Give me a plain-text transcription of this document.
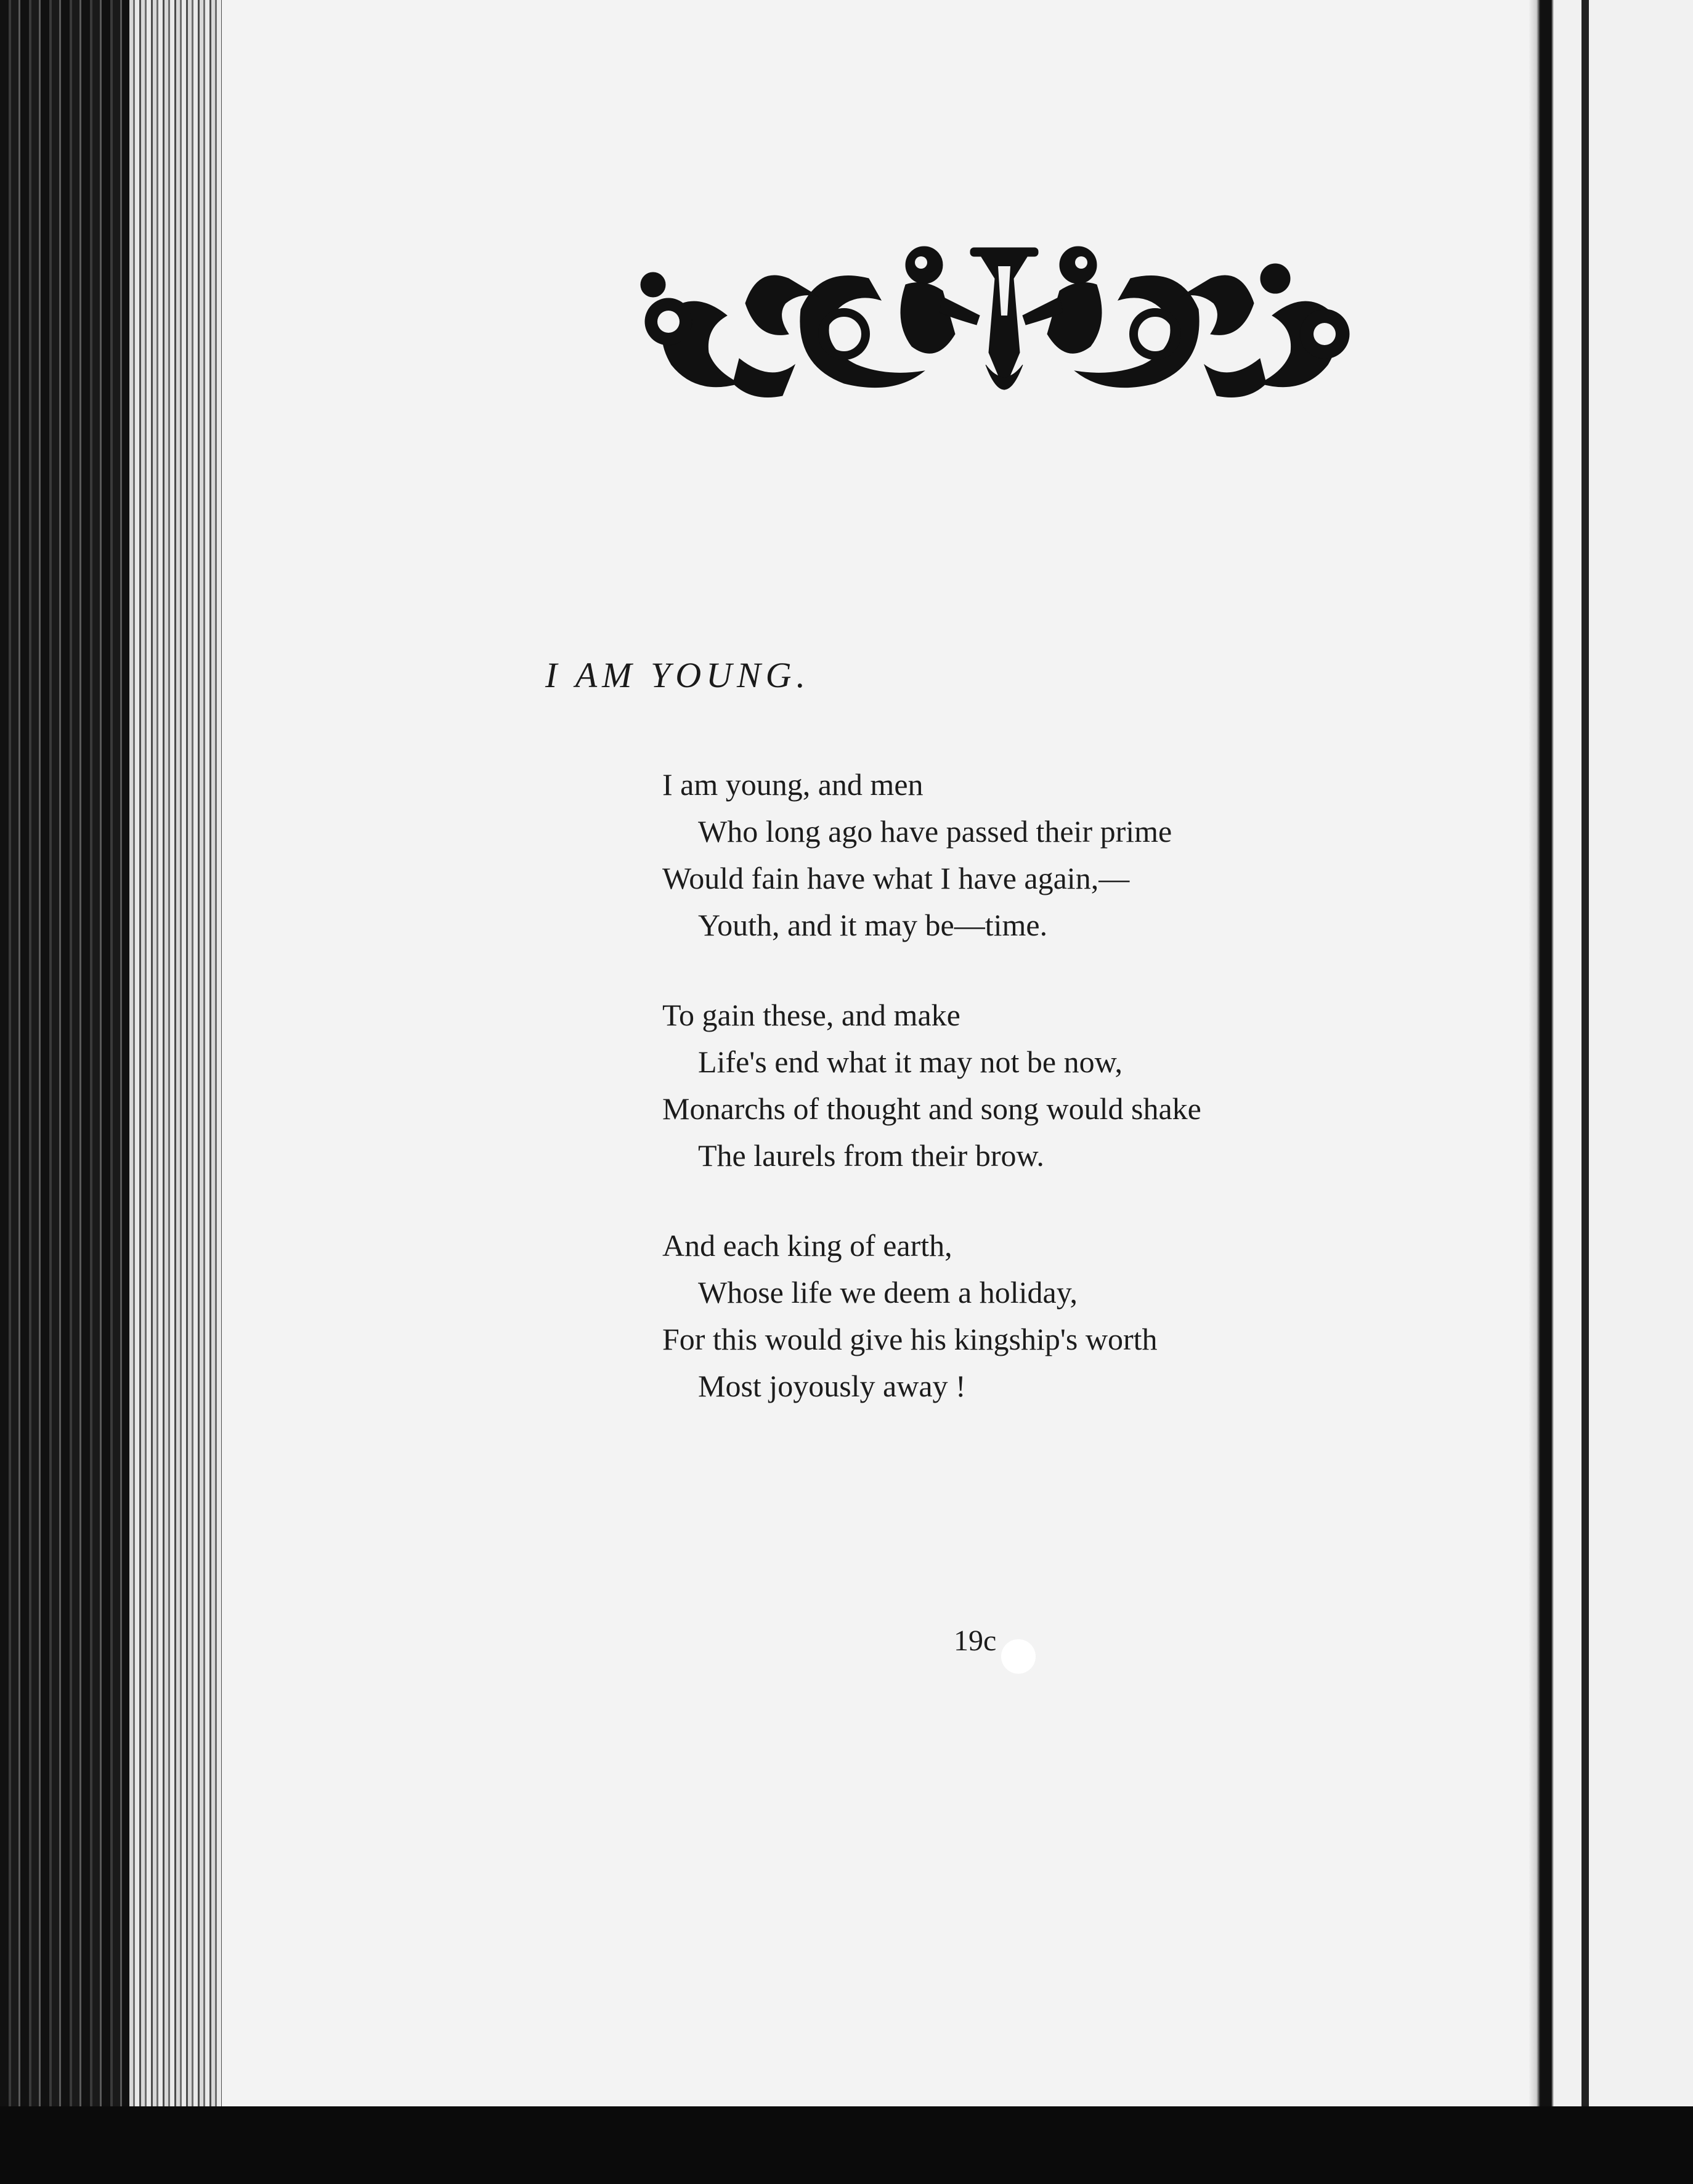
I AM YOUNG.
I am young, and men
Who long ago have passed their prime
Would fain have what I have again,—
Youth, and it may be—time.
To gain these, and make
Life's end what it may not be now,
Monarchs of thought and song would shake
The laurels from their brow.
And each king of earth,
Whose life we deem a holiday,
For this would give his kingship's worth
Most joyously away !
19c
